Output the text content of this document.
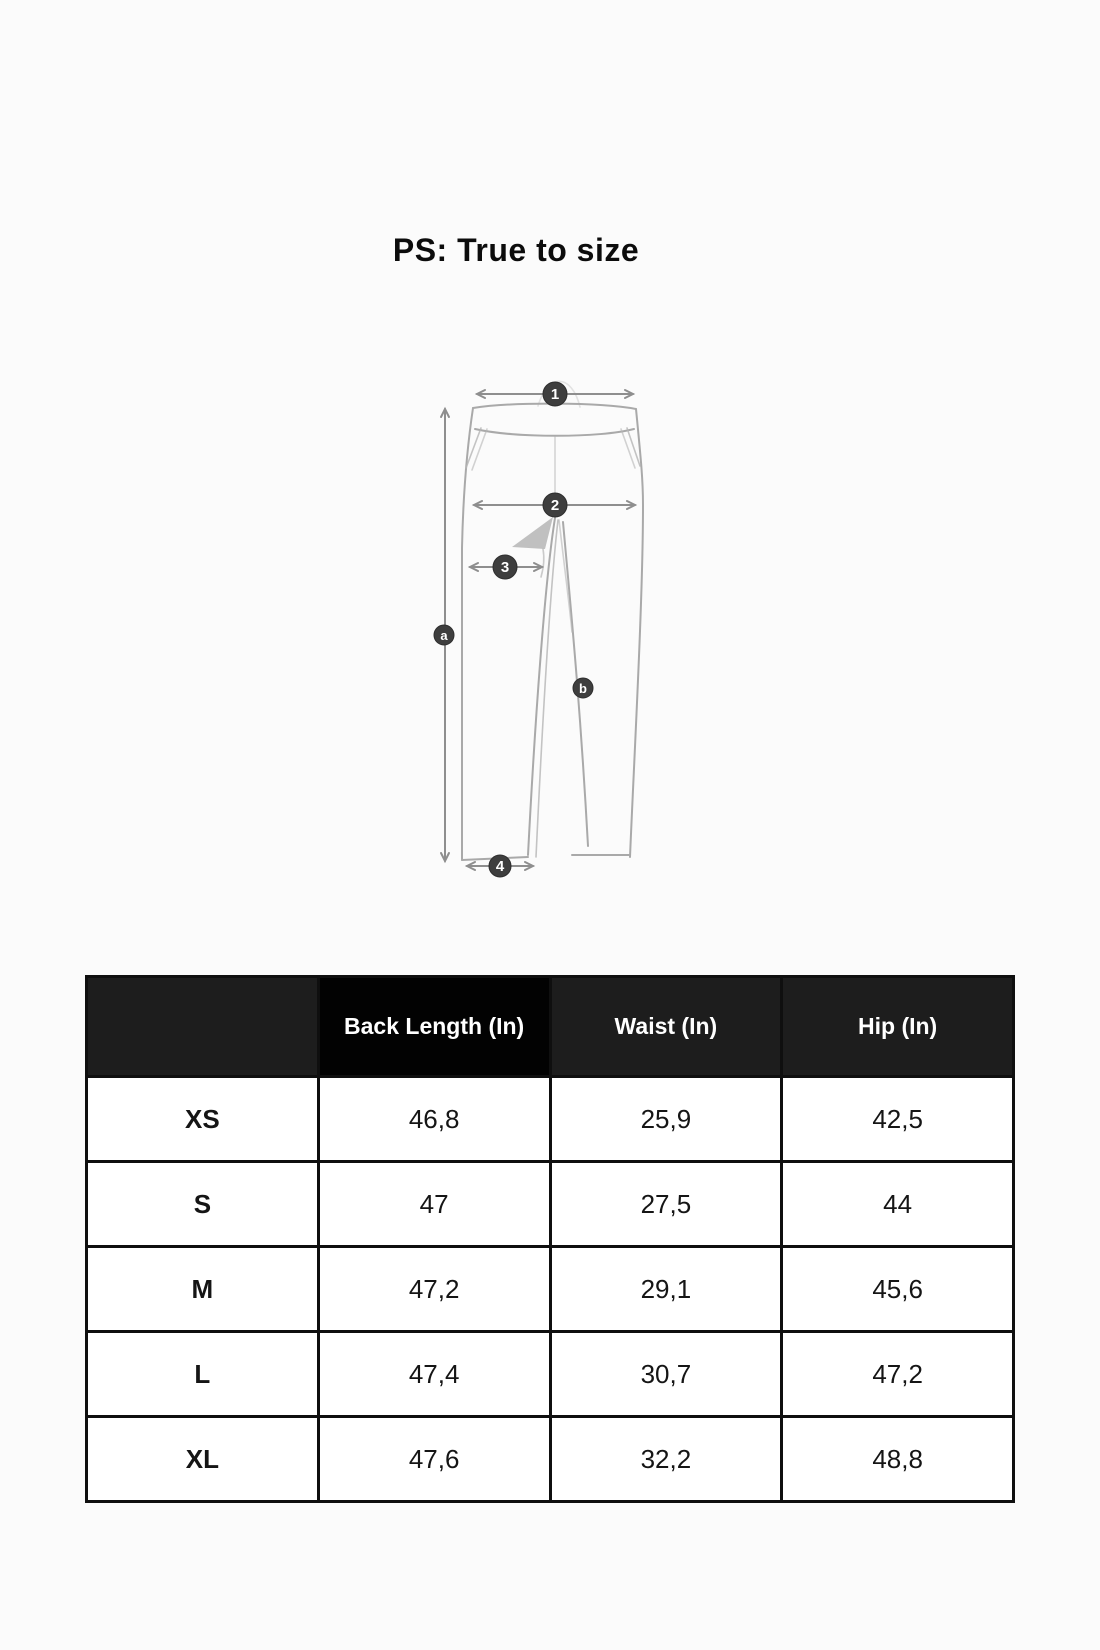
PS: True to size
1
2
3
4
a
b
	Back Length (In)	Waist (In)	Hip (In)
XS	46,8	25,9	42,5
S	47	27,5	44
M	47,2	29,1	45,6
L	47,4	30,7	47,2
XL	47,6	32,2	48,8
